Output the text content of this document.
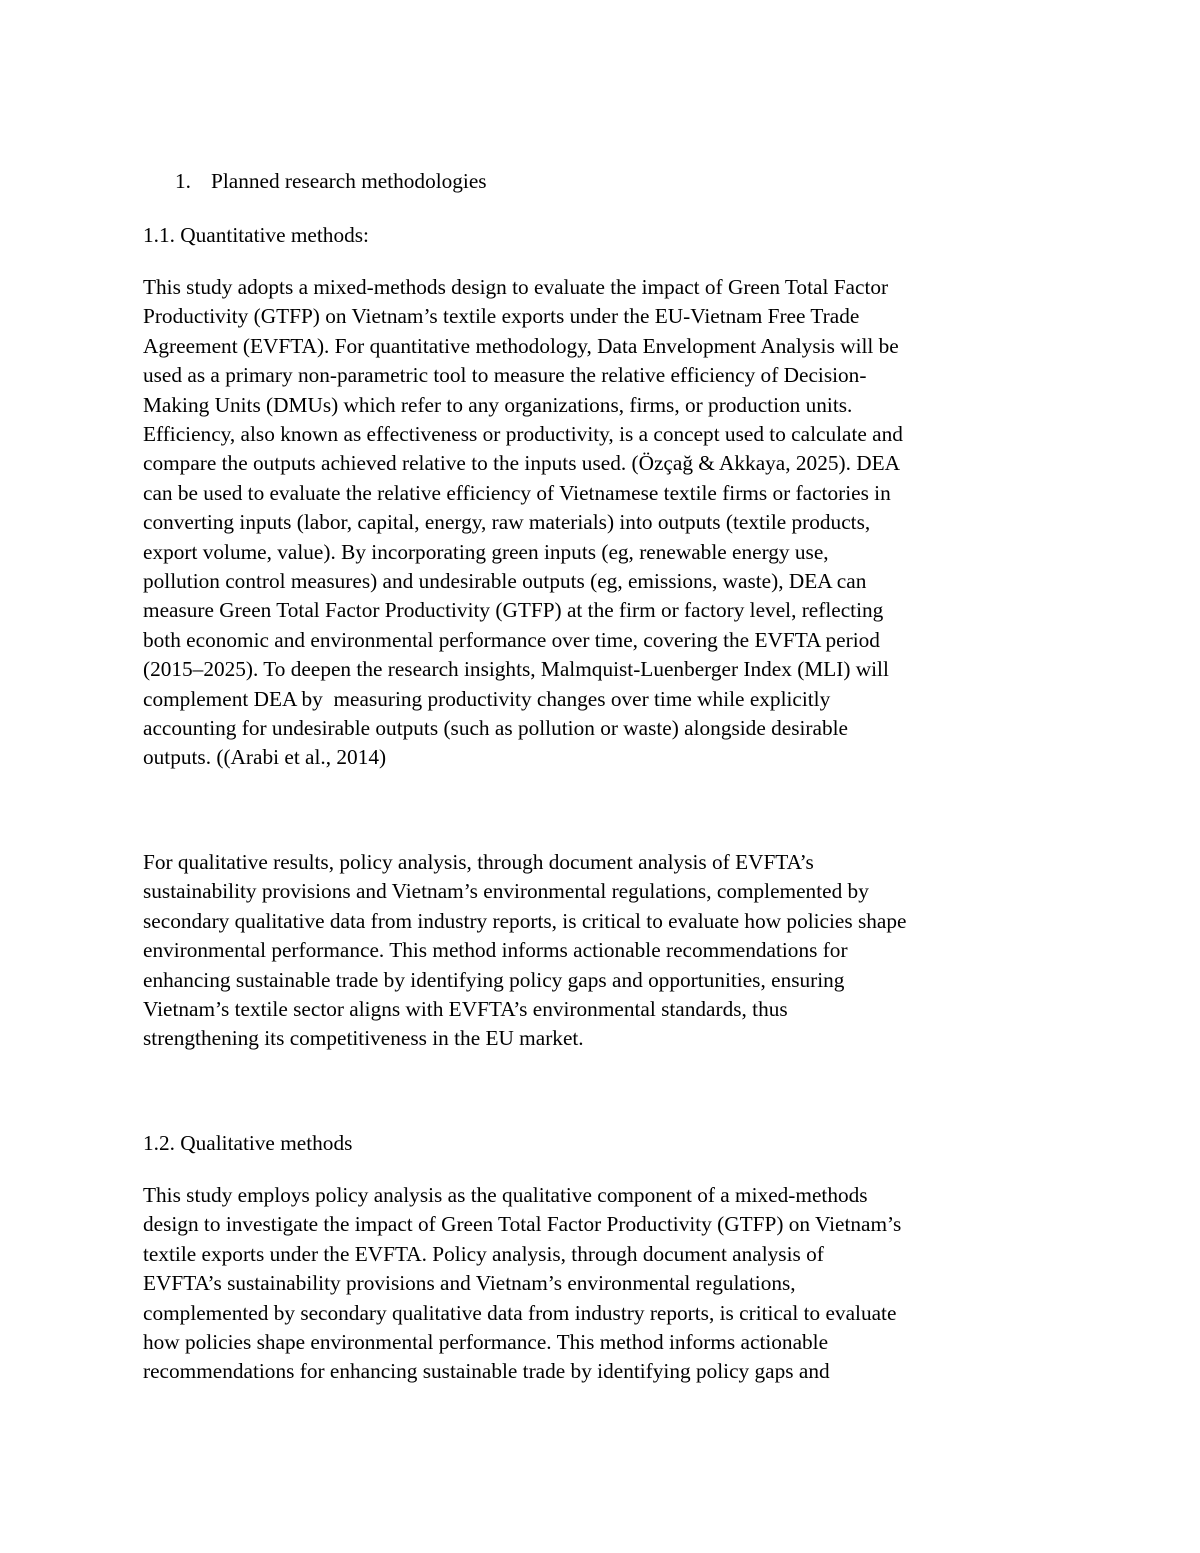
1. Planned research methodologies
1.1. Quantitative methods:
This study adopts a mixed-methods design to evaluate the impact of Green Total Factor
Productivity (GTFP) on Vietnam’s textile exports under the EU-Vietnam Free Trade
Agreement (EVFTA). For quantitative methodology, Data Envelopment Analysis will be
used as a primary non-parametric tool to measure the relative efficiency of Decision-
Making Units (DMUs) which refer to any organizations, firms, or production units.
Efficiency, also known as effectiveness or productivity, is a concept used to calculate and
compare the outputs achieved relative to the inputs used. (Özçağ & Akkaya, 2025). DEA
can be used to evaluate the relative efficiency of Vietnamese textile firms or factories in
converting inputs (labor, capital, energy, raw materials) into outputs (textile products,
export volume, value). By incorporating green inputs (eg, renewable energy use,
pollution control measures) and undesirable outputs (eg, emissions, waste), DEA can
measure Green Total Factor Productivity (GTFP) at the firm or factory level, reflecting
both economic and environmental performance over time, covering the EVFTA period
(2015–2025). To deepen the research insights, Malmquist-Luenberger Index (MLI) will
complement DEA by  measuring productivity changes over time while explicitly
accounting for undesirable outputs (such as pollution or waste) alongside desirable
outputs. ((Arabi et al., 2014)
For qualitative results, policy analysis, through document analysis of EVFTA’s
sustainability provisions and Vietnam’s environmental regulations, complemented by
secondary qualitative data from industry reports, is critical to evaluate how policies shape
environmental performance. This method informs actionable recommendations for
enhancing sustainable trade by identifying policy gaps and opportunities, ensuring
Vietnam’s textile sector aligns with EVFTA’s environmental standards, thus
strengthening its competitiveness in the EU market.
1.2. Qualitative methods
This study employs policy analysis as the qualitative component of a mixed-methods
design to investigate the impact of Green Total Factor Productivity (GTFP) on Vietnam’s
textile exports under the EVFTA. Policy analysis, through document analysis of
EVFTA’s sustainability provisions and Vietnam’s environmental regulations,
complemented by secondary qualitative data from industry reports, is critical to evaluate
how policies shape environmental performance. This method informs actionable
recommendations for enhancing sustainable trade by identifying policy gaps and
